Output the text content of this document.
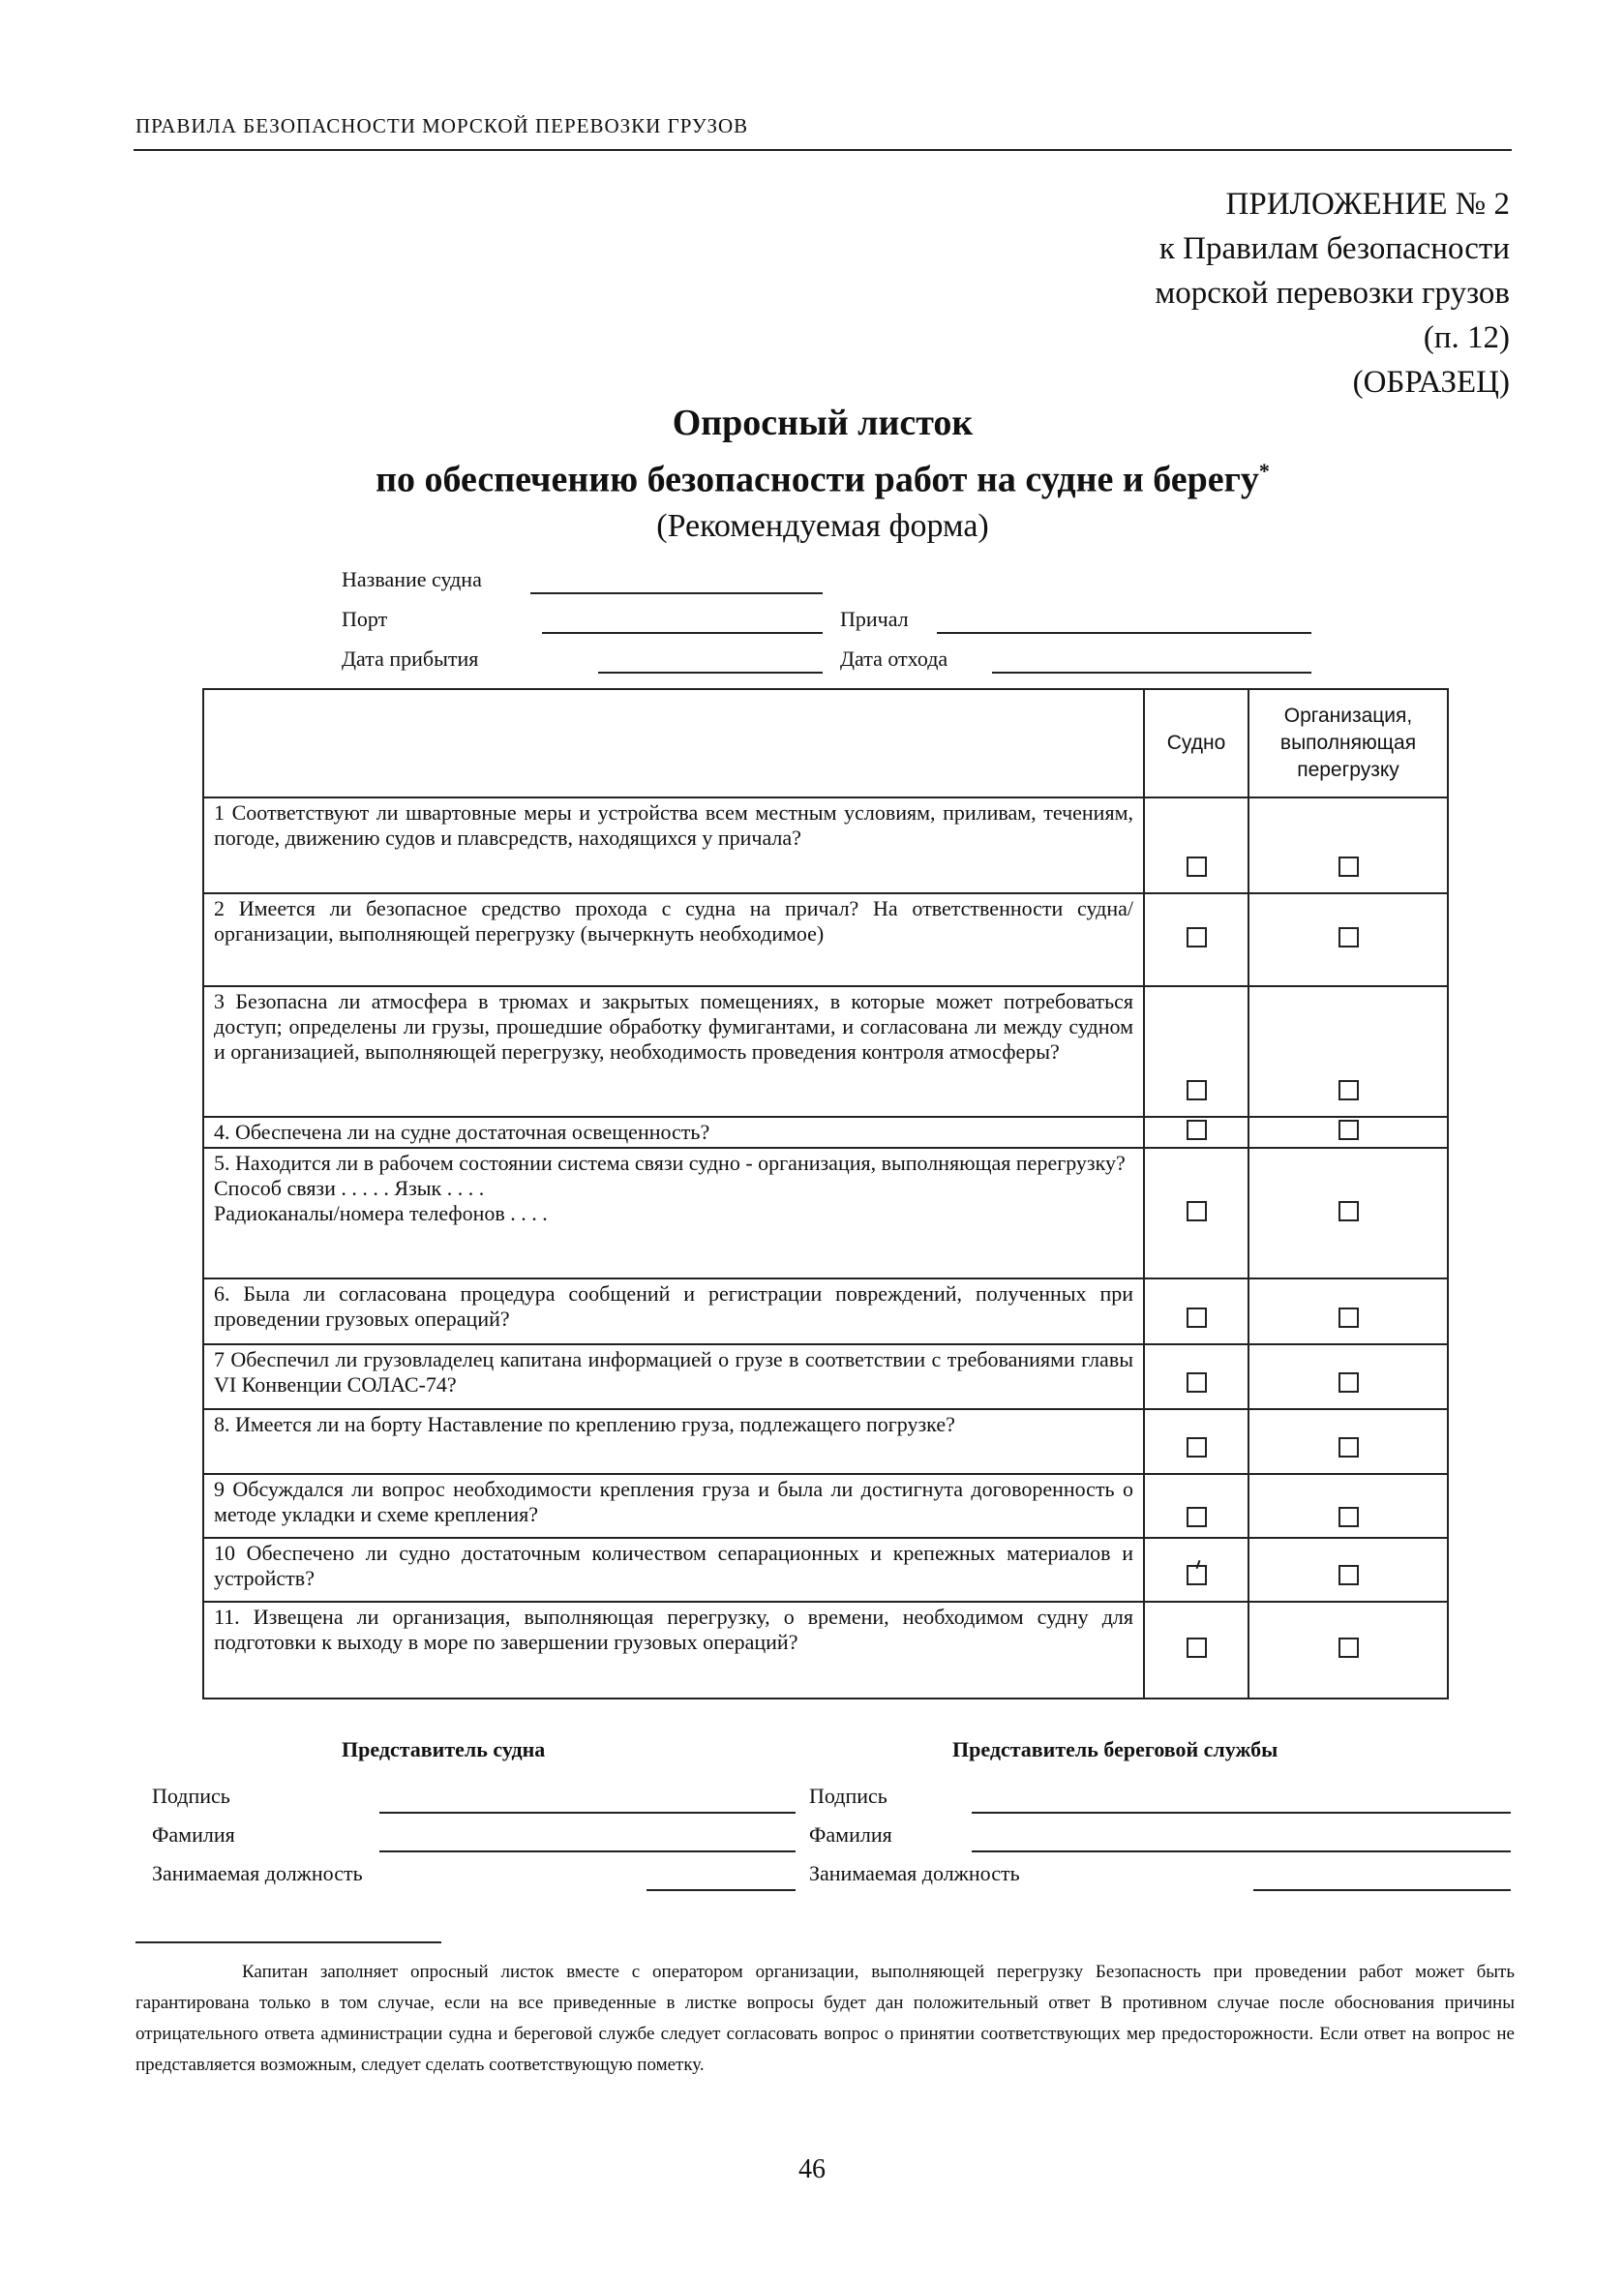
ПРАВИЛА БЕЗОПАСНОСТИ МОРСКОЙ ПЕРЕВОЗКИ ГРУЗОВ
ПРИЛОЖЕНИЕ № 2
к Правилам безопасности
морской перевозки грузов
(п. 12)
(ОБРАЗЕЦ)
Опросный листок
по обеспечению безопасности работ на судне и берегу*
(Рекомендуемая форма)
Название судна
Порт	Причал
Дата прибытия	Дата отхода
	Судно	Организация, выполняющая перегрузку
1 Соответствуют ли швартовные меры и устройства всем местным условиям, приливам, течениям, погоде, движению судов и плавсредств, находящихся у причала?		
2 Имеется ли безопасное средство прохода с судна на причал? На ответственности судна/организации, выполняющей перегрузку (вычеркнуть необходимое)		
3 Безопасна ли атмосфера в трюмах и закрытых помещениях, в которые может потребоваться доступ; определены ли грузы, прошедшие обработку фумигантами, и согласована ли между судном и организацией, выполняющей перегрузку, необходимость проведения контроля атмосферы?		
4. Обеспечена ли на судне достаточная освещенность?		

5. Находится ли в рабочем состоянии система связи судно - организация, выполняющая перегрузку?
Способ связи . . . . . Язык . . . .
Радиоканалы/номера телефонов . . . .		

6. Была ли согласована процедура сообщений и регистрации повреждений, полученных при проведении грузовых операций?		
7 Обеспечил ли грузовладелец капитана информацией о грузе в соответствии с требованиями главы VI Конвенции СОЛАС-74?		
8. Имеется ли на борту Наставление по креплению груза, подлежащего погрузке?		
9 Обсуждался ли вопрос необходимости крепления груза и была ли достигнута договоренность о методе укладки и схеме крепления?		
10 Обеспечено ли судно достаточным количеством сепарационных и крепежных материалов и устройств?		
11. Извещена ли организация, выполняющая перегрузку, о времени, необходимом судну для подготовки к выходу в море по завершении грузовых операций?		
Представитель судна	Представитель береговой службы
Подпись	Подпись
Фамилия	Фамилия
Занимаемая должность	Занимаемая должность
Капитан заполняет опросный листок вместе с оператором организации, выполняющей перегрузку Безопасность при проведении работ может быть гарантирована только в том случае, если на все приведенные в листке вопросы будет дан положительный ответ В противном случае после обоснования причины отрицательного ответа администрации судна и береговой службе следует согласовать вопрос о принятии соответствующих мер предосторожности. Если ответ на вопрос не представляется возможным, следует сделать соответствующую пометку.
46
